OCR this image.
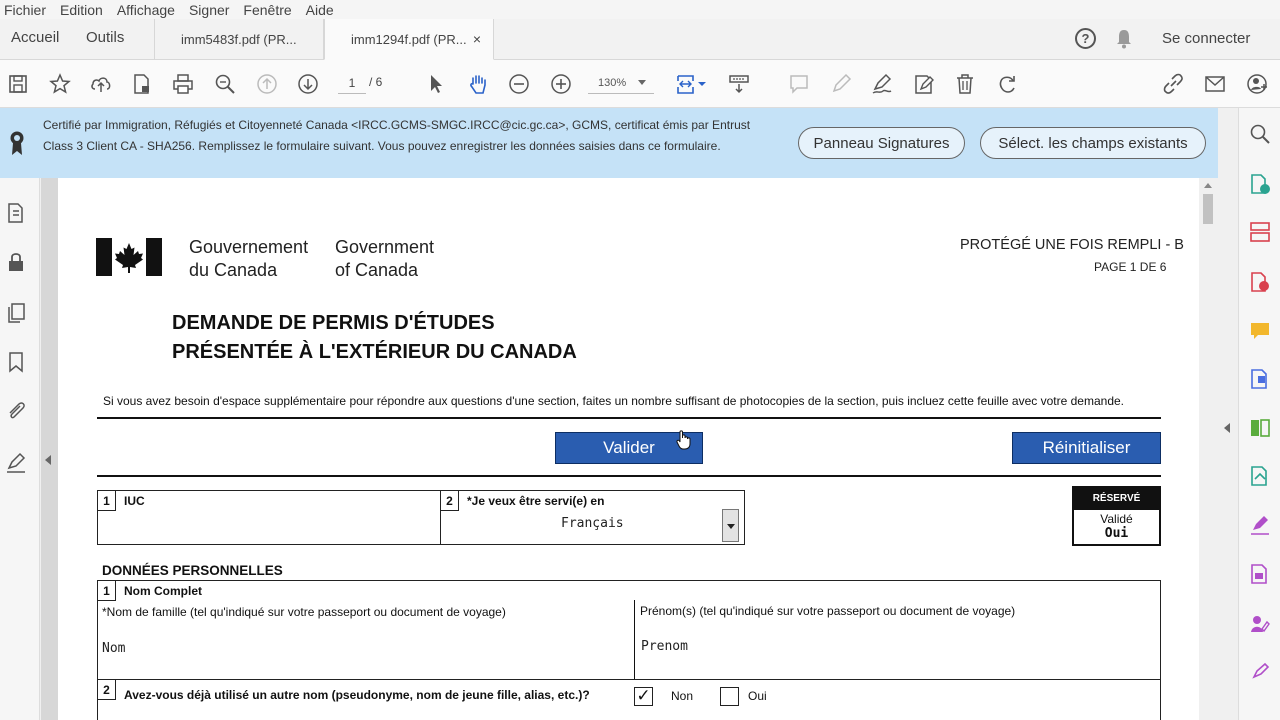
Fichier Edition Affichage Signer Fenêtre Aide
Accueil Outils	imm5483f.pdf (PR...	imm1294f.pdf (PR... ×	?	Se connecter
1	/ 6	130%
Certifié par Immigration, Réfugiés et Citoyenneté Canada <IRCC.GCMS-SMGC.IRCC@cic.gc.ca>, GCMS, certificat émis par Entrust Class 3 Client CA - SHA256. Remplissez le formulaire suivant. Vous pouvez enregistrer les données saisies dans ce formulaire.	Panneau Signatures	Sélect. les champs existants
Gouvernement
du Canada
Government
of Canada
PROTÉGÉ UNE FOIS REMPLI - B
PAGE 1 DE 6
DEMANDE DE PERMIS D'ÉTUDES
PRÉSENTÉE À L'EXTÉRIEUR DU CANADA
Si vous avez besoin d'espace supplémentaire pour répondre aux questions d'une section, faites un nombre suffisant de photocopies de la section, puis incluez cette feuille avec votre demande.
Valider	Réinitialiser
1	IUC	2	*Je veux être servi(e) en
Français
RÉSERVÉ
Validé
Oui
DONNÉES PERSONNELLES
1	Nom Complet
*Nom de famille (tel qu'indiqué sur votre passeport ou document de voyage)
Nom
Prénom(s) (tel qu'indiqué sur votre passeport ou document de voyage)
Prenom
2	Avez-vous déjà utilisé un autre nom (pseudonyme, nom de jeune fille, alias, etc.)?	✓ Non	Oui
